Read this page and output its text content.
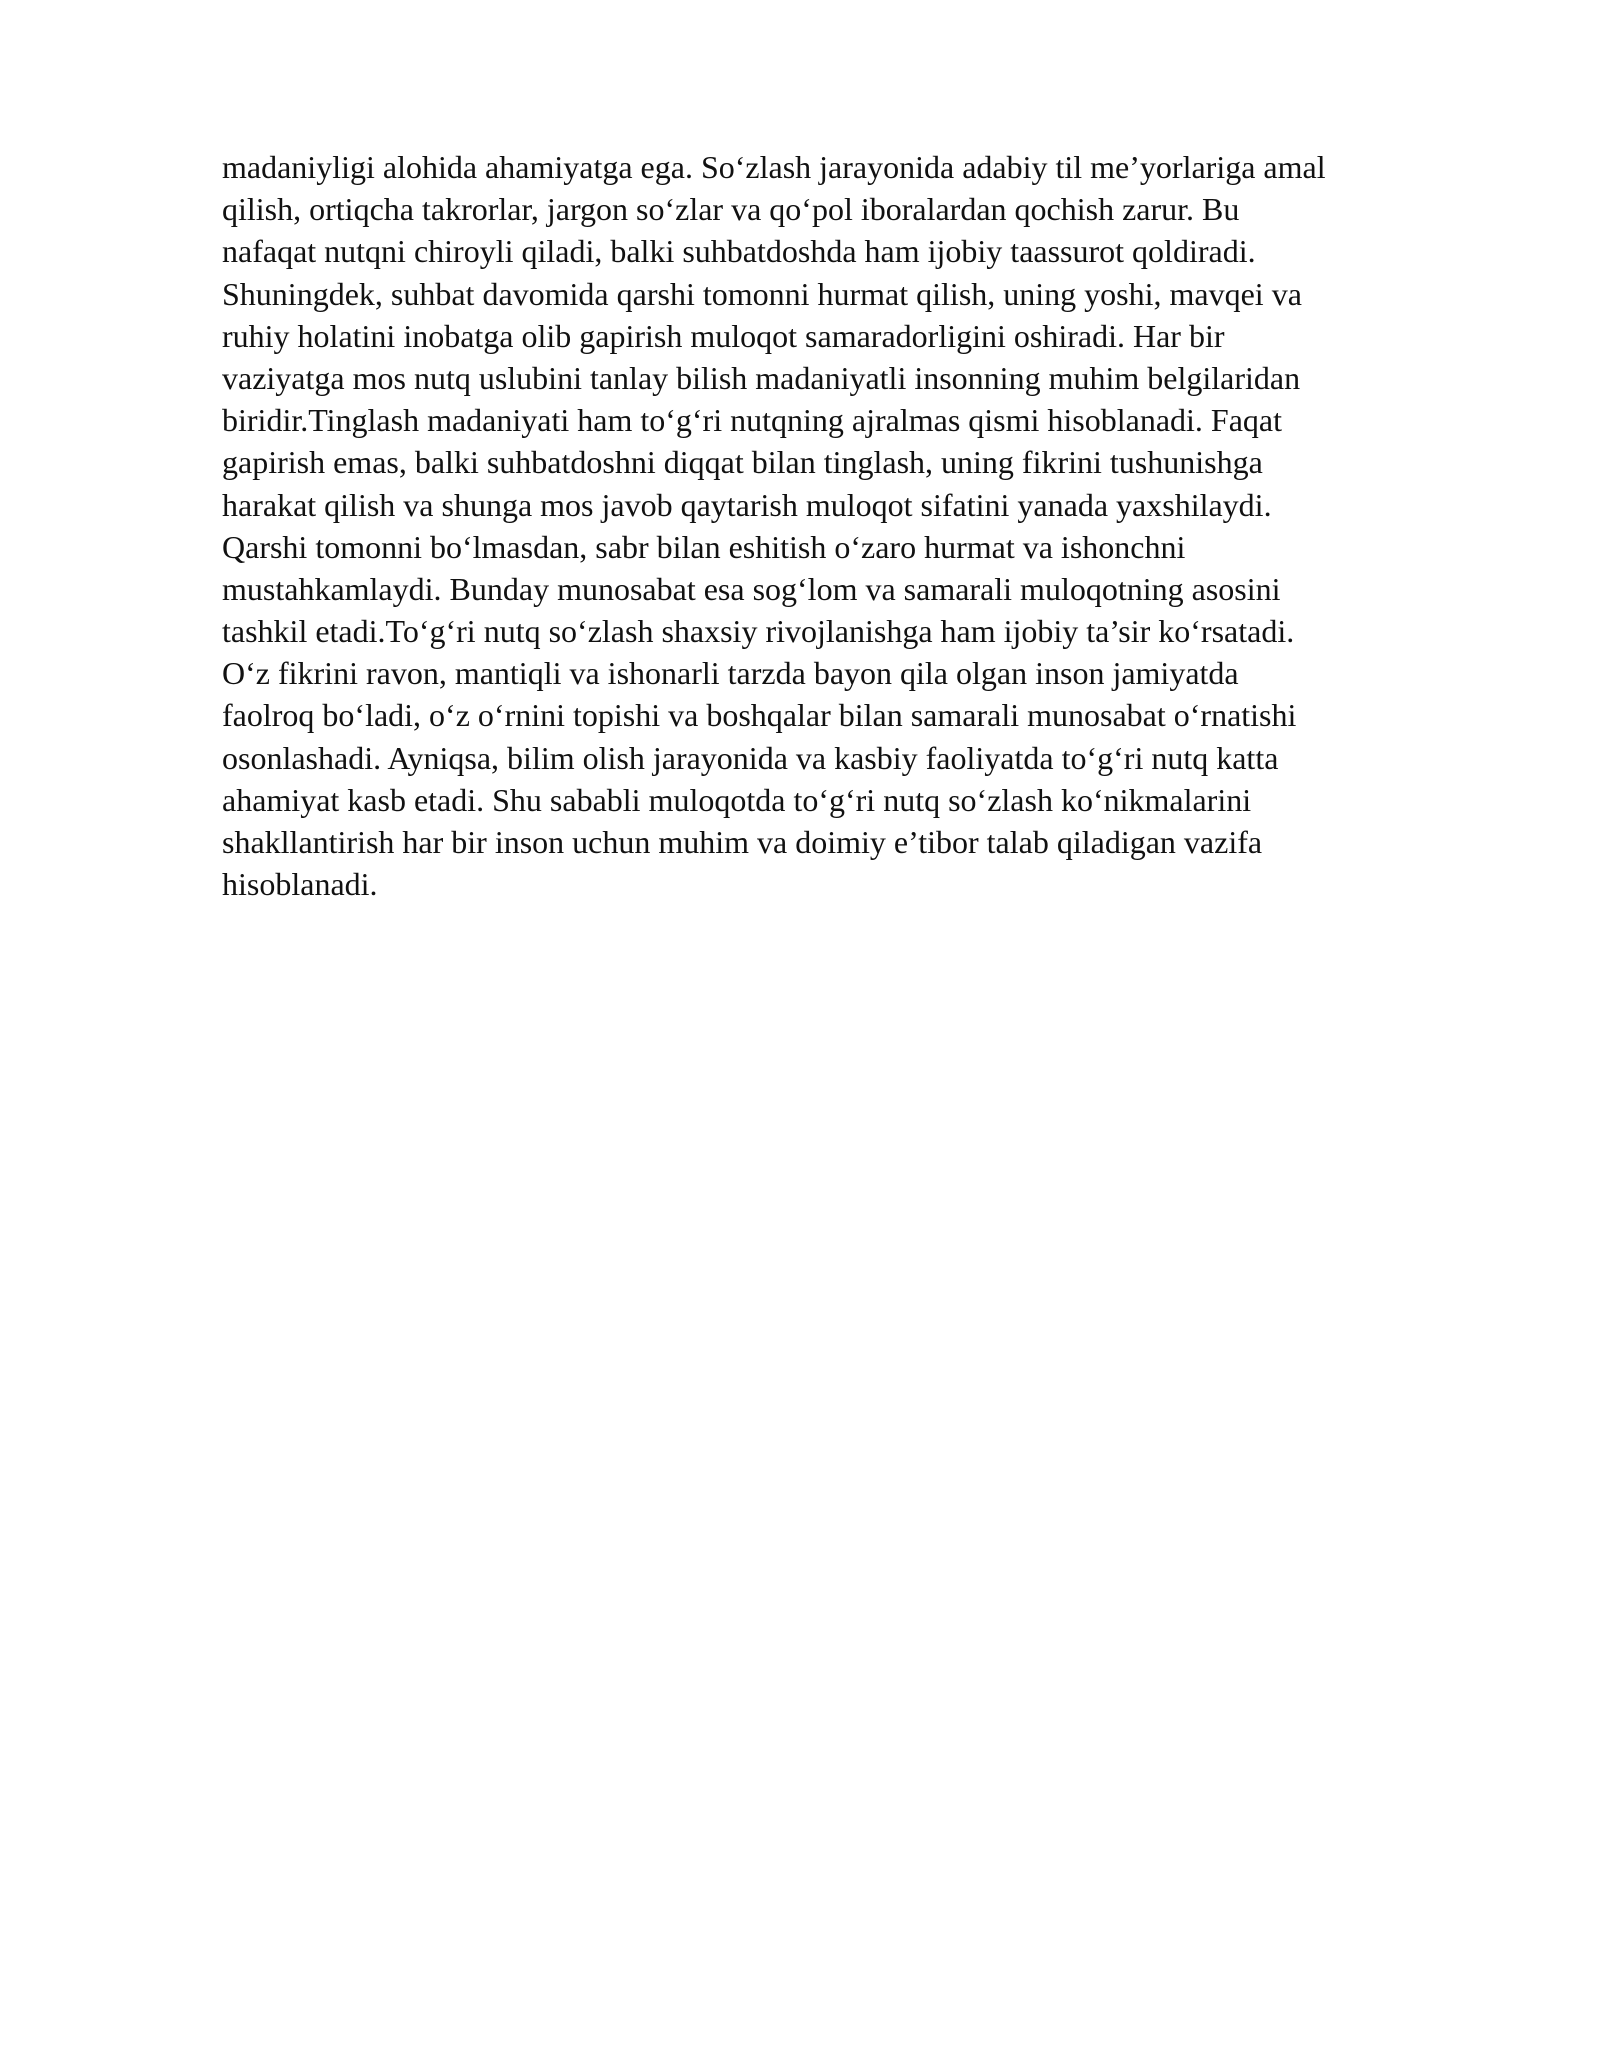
madaniyligi alohida ahamiyatga ega. So‘zlash jarayonida adabiy til me’yorlariga amal
qilish, ortiqcha takrorlar, jargon so‘zlar va qo‘pol iboralardan qochish zarur. Bu
nafaqat nutqni chiroyli qiladi, balki suhbatdoshda ham ijobiy taassurot qoldiradi.
Shuningdek, suhbat davomida qarshi tomonni hurmat qilish, uning yoshi, mavqei va
ruhiy holatini inobatga olib gapirish muloqot samaradorligini oshiradi. Har bir
vaziyatga mos nutq uslubini tanlay bilish madaniyatli insonning muhim belgilaridan
biridir.Tinglash madaniyati ham to‘g‘ri nutqning ajralmas qismi hisoblanadi. Faqat
gapirish emas, balki suhbatdoshni diqqat bilan tinglash, uning fikrini tushunishga
harakat qilish va shunga mos javob qaytarish muloqot sifatini yanada yaxshilaydi.
Qarshi tomonni bo‘lmasdan, sabr bilan eshitish o‘zaro hurmat va ishonchni
mustahkamlaydi. Bunday munosabat esa sog‘lom va samarali muloqotning asosini
tashkil etadi.To‘g‘ri nutq so‘zlash shaxsiy rivojlanishga ham ijobiy ta’sir ko‘rsatadi.
O‘z fikrini ravon, mantiqli va ishonarli tarzda bayon qila olgan inson jamiyatda
faolroq bo‘ladi, o‘z o‘rnini topishi va boshqalar bilan samarali munosabat o‘rnatishi
osonlashadi. Ayniqsa, bilim olish jarayonida va kasbiy faoliyatda to‘g‘ri nutq katta
ahamiyat kasb etadi. Shu sababli muloqotda to‘g‘ri nutq so‘zlash ko‘nikmalarini
shakllantirish har bir inson uchun muhim va doimiy e’tibor talab qiladigan vazifa
hisoblanadi.
